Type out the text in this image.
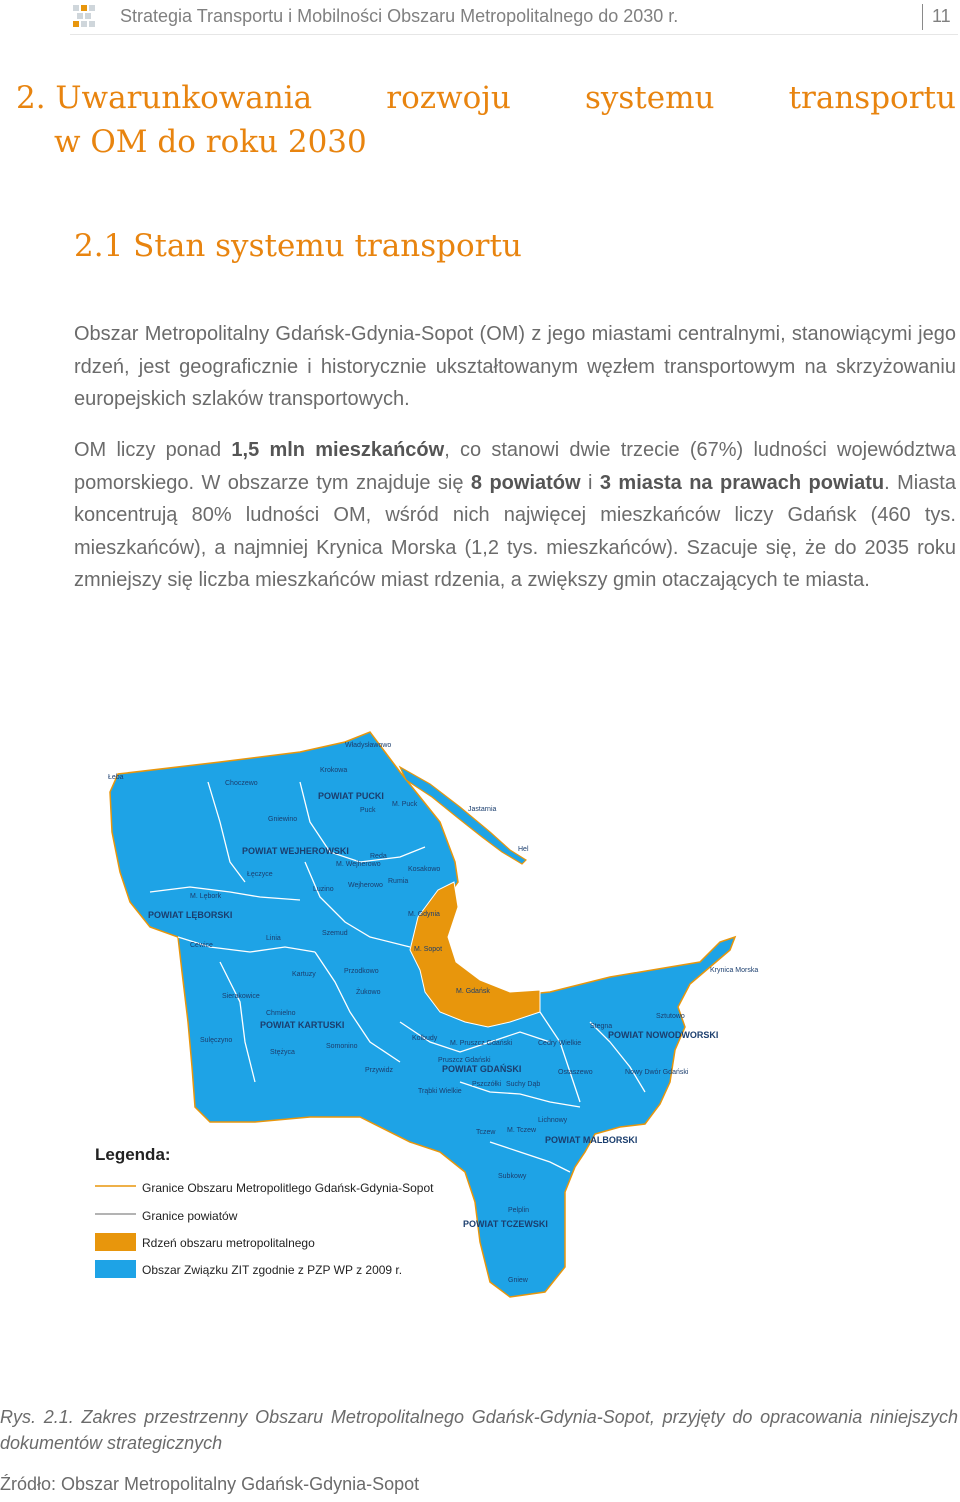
Strategia Transportu i Mobilności Obszaru Metropolitalnego do 2030 r.	11
2. Uwarunkowania rozwoju systemu transportu
w OM do roku 2030
2.1 Stan systemu transportu

Obszar Metropolitalny Gdańsk-Gdynia-Sopot (OM) z jego miastami centralnymi, stanowiącymi jego rdzeń, jest geograficznie i historycznie ukształtowanym węzłem transportowym na skrzyżowaniu europejskich szlaków transportowych.

OM liczy ponad 1,5 mln mieszkańców, co stanowi dwie trzecie (67%) ludności województwa pomorskiego. W obszarze tym znajduje się 8 powiatów i 3 miasta na prawach powiatu. Miasta koncentrują 80% ludności OM, wśród nich najwięcej mieszkańców liczy Gdańsk (460 tys. mieszkańców), a najmniej Krynica Morska (1,2 tys. mieszkańców). Szacuje się, że do 2035 roku zmniejszy się liczba mieszkańców miast rdzenia, a zwiększy gmin otaczających te miasta.

POWIAT PUCKI
POWIAT WEJHEROWSKI
POWIAT LĘBORSKI
POWIAT KARTUSKI
POWIAT GDAŃSKI
POWIAT NOWODWORSKI
POWIAT MALBORSKI
POWIAT TCZEWSKI
Władysławowo
Łeba
Choczewo
Krokowa
Puck
M. Puck
Jastarnia
Hel
Gniewino
Reda
M. Wejherowo
Kosakowo
Rumia
Wejherowo
Łęczyce
Luzino
M. Lębork
M. Gdynia
Szemud
Linia
M. Sopot
Cewice
Krynica Morska
Kartuzy	Przodkowo
Żukowo	M. Gdańsk
Sierakowice
Chmielno	Sztutowo
Stegna
Sulęczyno
Somonino
Kolbudy
M. Pruszcz Gdański	Cedry Wielkie
Stężyca
Przywidz
Pruszcz Gdański
Ostaszewo	Nowy Dwór Gdański
Trąbki Wielkie
Pszczółki Suchy Dąb
Lichnowy
Tczew M. Tczew
Subkowy
Pelplin
Gniew
Legenda:
Granice Obszaru Metropolitlego Gdańsk-Gdynia-Sopot
Granice powiatów
Rdzeń obszaru metropolitalnego
Obszar Związku ZIT zgodnie z PZP WP z 2009 r.

Rys. 2.1. Zakres przestrzenny Obszaru Metropolitalnego Gdańsk-Gdynia-Sopot, przyjęty do opracowania niniejszych dokumentów strategicznych

Źródło: Obszar Metropolitalny Gdańsk-Gdynia-Sopot
